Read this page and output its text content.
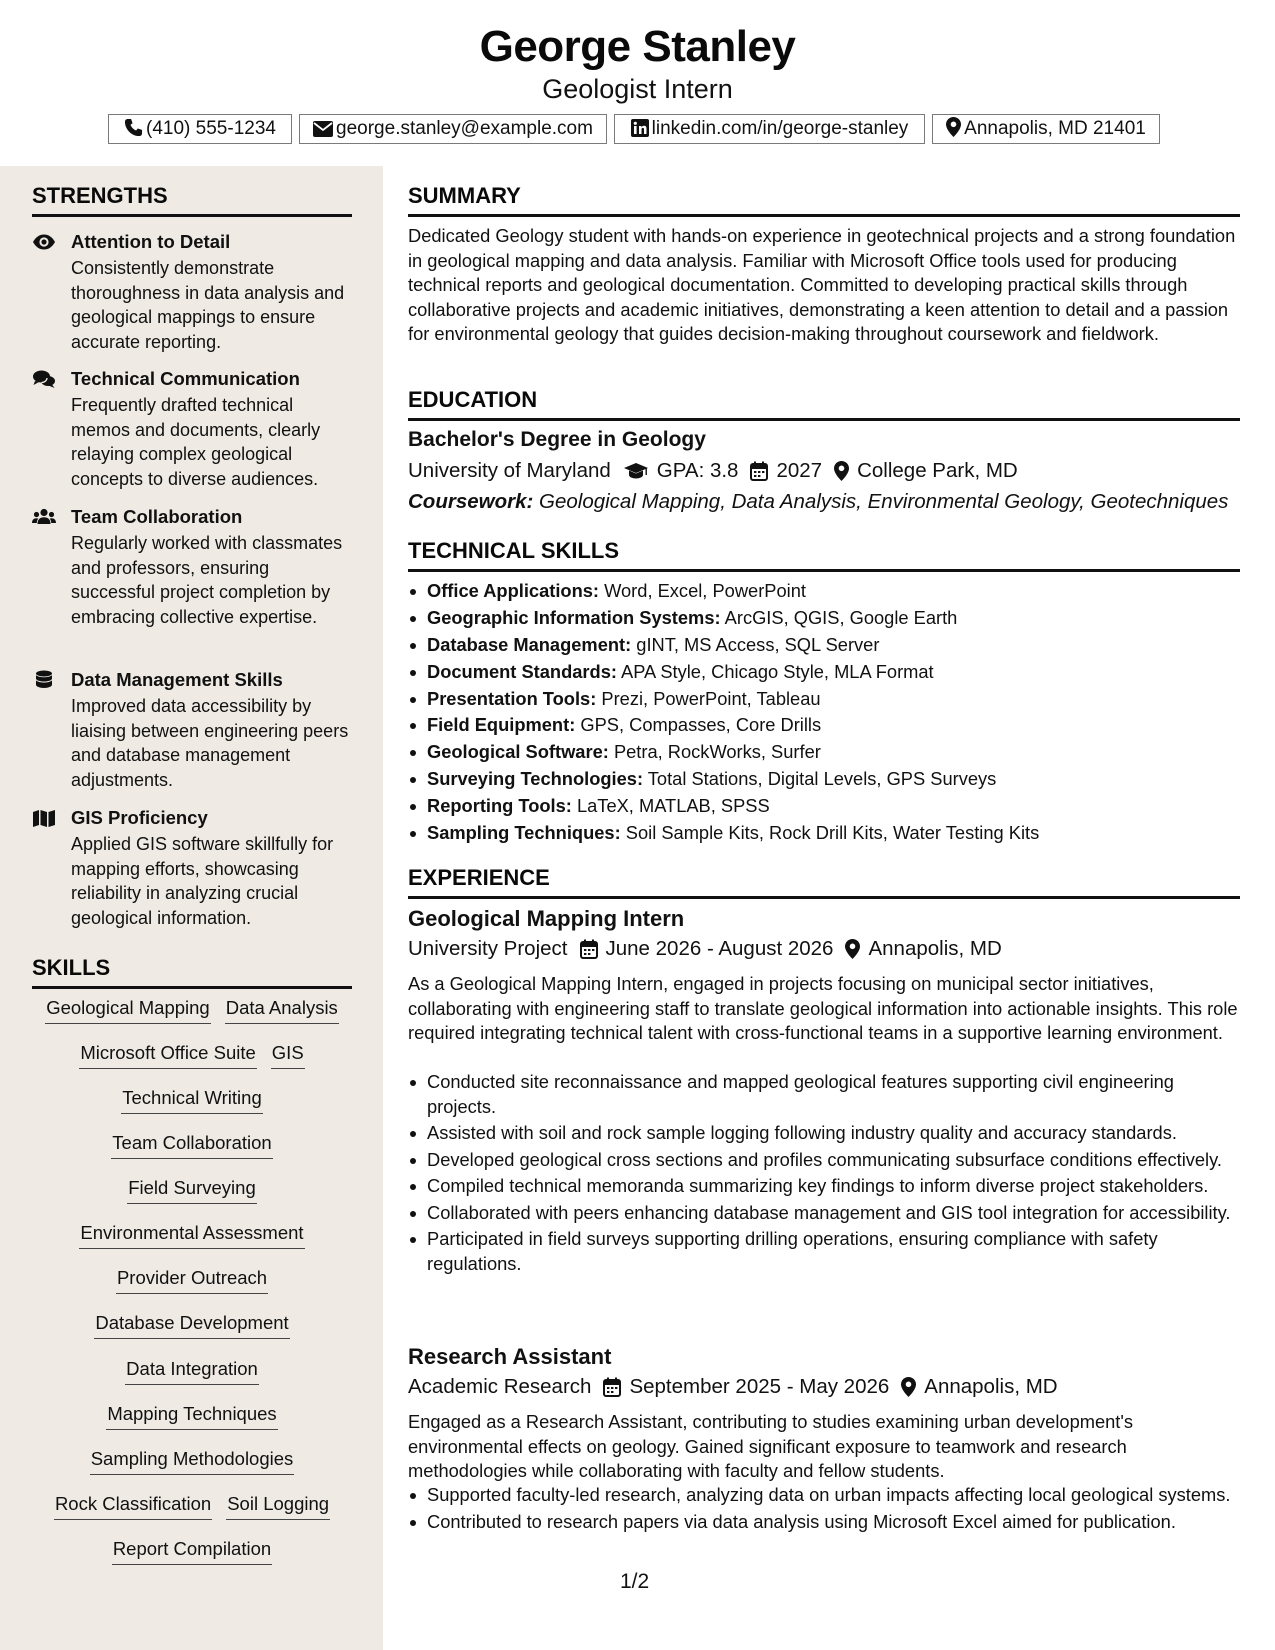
George Stanley
Geologist Intern
(410) 555-1234	george.stanley@example.com	linkedin.com/in/george-stanley	Annapolis, MD 21401
STRENGTHS
Attention to Detail
Consistently demonstrate thoroughness in data analysis and geological mappings to ensure accurate reporting.
Technical Communication
Frequently drafted technical memos and documents, clearly relaying complex geological concepts to diverse audiences.
Team Collaboration
Regularly worked with classmates and professors, ensuring successful project completion by embracing collective expertise.
Data Management Skills
Improved data accessibility by liaising between engineering peers and database management adjustments.
GIS Proficiency
Applied GIS software skillfully for mapping efforts, showcasing reliability in analyzing crucial geological information.
SKILLS
Geological Mapping Data Analysis
Microsoft Office Suite GIS
Technical Writing
Team Collaboration
Field Surveying
Environmental Assessment
Provider Outreach
Database Development
Data Integration
Mapping Techniques
Sampling Methodologies
Rock Classification Soil Logging
Report Compilation
SUMMARY
Dedicated Geology student with hands-on experience in geotechnical projects and a strong foundation in geological mapping and data analysis. Familiar with Microsoft Office tools used for producing technical reports and geological documentation. Committed to developing practical skills through collaborative projects and academic initiatives, demonstrating a keen attention to detail and a passion for environmental geology that guides decision-making throughout coursework and fieldwork.
EDUCATION
Bachelor's Degree in Geology
University of Maryland GPA: 3.8 2027 College Park, MD
Coursework: Geological Mapping, Data Analysis, Environmental Geology, Geotechniques
TECHNICAL SKILLS
Office Applications: Word, Excel, PowerPoint
Geographic Information Systems: ArcGIS, QGIS, Google Earth
Database Management: gINT, MS Access, SQL Server
Document Standards: APA Style, Chicago Style, MLA Format
Presentation Tools: Prezi, PowerPoint, Tableau
Field Equipment: GPS, Compasses, Core Drills
Geological Software: Petra, RockWorks, Surfer
Surveying Technologies: Total Stations, Digital Levels, GPS Surveys
Reporting Tools: LaTeX, MATLAB, SPSS
Sampling Techniques: Soil Sample Kits, Rock Drill Kits, Water Testing Kits
EXPERIENCE
Geological Mapping Intern
University Project June 2026 - August 2026 Annapolis, MD
As a Geological Mapping Intern, engaged in projects focusing on municipal sector initiatives, collaborating with engineering staff to translate geological information into actionable insights. This role required integrating technical talent with cross-functional teams in a supportive learning environment.
Conducted site reconnaissance and mapped geological features supporting civil engineering projects.
Assisted with soil and rock sample logging following industry quality and accuracy standards.
Developed geological cross sections and profiles communicating subsurface conditions effectively.
Compiled technical memoranda summarizing key findings to inform diverse project stakeholders.
Collaborated with peers enhancing database management and GIS tool integration for accessibility.
Participated in field surveys supporting drilling operations, ensuring compliance with safety regulations.
Research Assistant
Academic Research September 2025 - May 2026 Annapolis, MD
Engaged as a Research Assistant, contributing to studies examining urban development's environmental effects on geology. Gained significant exposure to teamwork and research methodologies while collaborating with faculty and fellow students.
Supported faculty-led research, analyzing data on urban impacts affecting local geological systems.
Contributed to research papers via data analysis using Microsoft Excel aimed for publication.
1/2
